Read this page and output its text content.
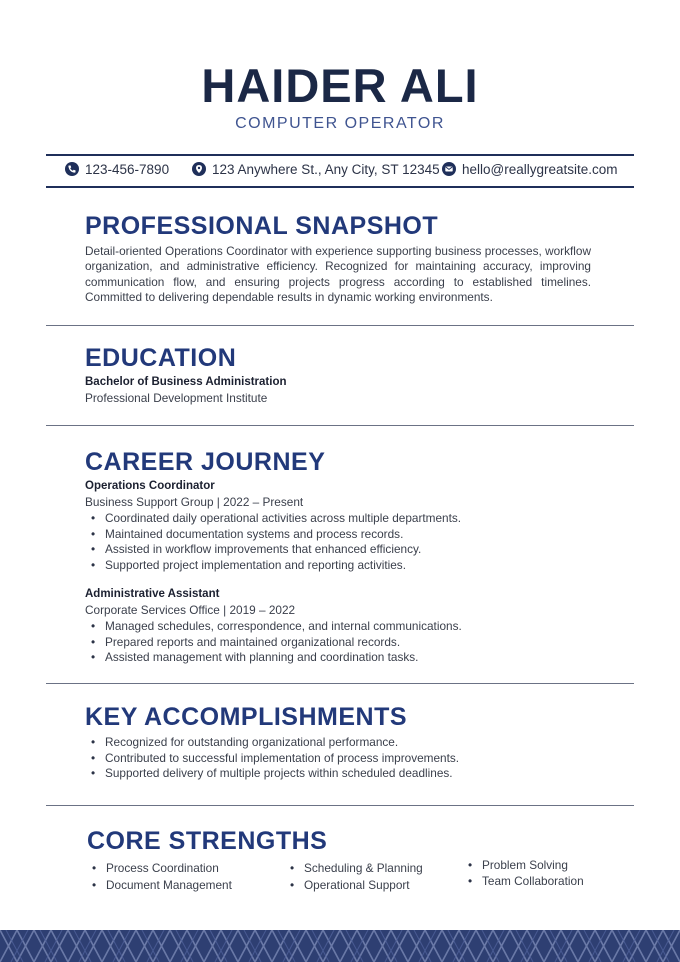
HAIDER ALI
COMPUTER OPERATOR
123-456-7890	123 Anywhere St., Any City, ST 12345	hello@reallygreatsite.com
PROFESSIONAL SNAPSHOT
Detail-oriented Operations Coordinator with experience supporting business processes, workflow organization, and administrative efficiency. Recognized for maintaining accuracy, improving communication flow, and ensuring projects progress according to established timelines. Committed to delivering dependable results in dynamic working environments.
EDUCATION
Bachelor of Business Administration
Professional Development Institute
CAREER JOURNEY
Operations Coordinator
Business Support Group | 2022 – Present
• Coordinated daily operational activities across multiple departments.
• Maintained documentation systems and process records.
• Assisted in workflow improvements that enhanced efficiency.
• Supported project implementation and reporting activities.
Administrative Assistant
Corporate Services Office | 2019 – 2022
• Managed schedules, correspondence, and internal communications.
• Prepared reports and maintained organizational records.
• Assisted management with planning and coordination tasks.
KEY ACCOMPLISHMENTS
• Recognized for outstanding organizational performance.
• Contributed to successful implementation of process improvements.
• Supported delivery of multiple projects within scheduled deadlines.
CORE STRENGTHS
• Process Coordination
• Document Management
• Scheduling & Planning
• Operational Support
• Problem Solving
• Team Collaboration
